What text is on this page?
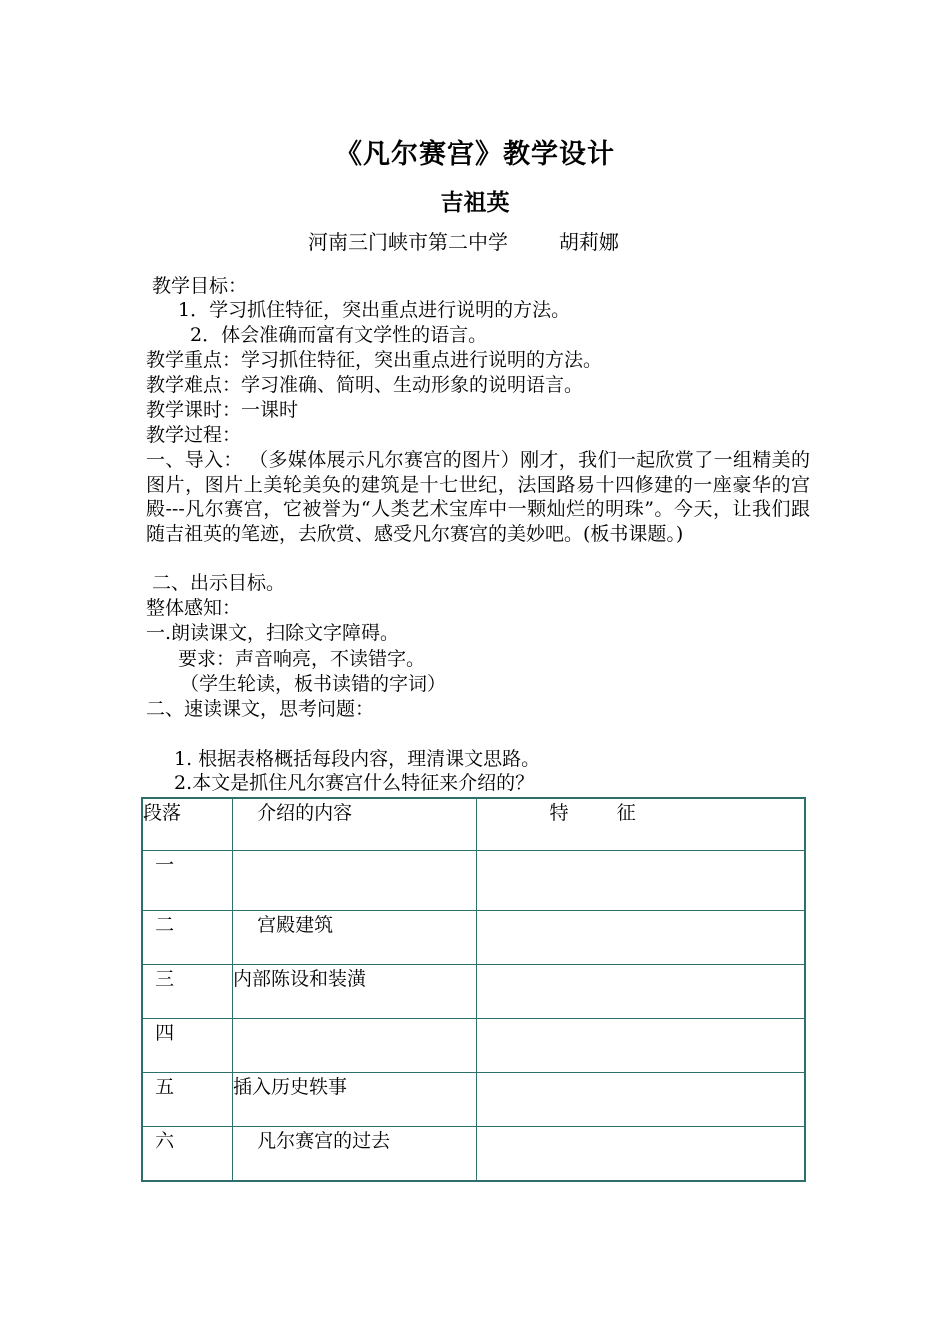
《凡尔赛宫》教学设计
吉祖英
河南三门峡市第二中学        胡莉娜
教学目标：
1．学习抓住特征，突出重点进行说明的方法。
2．体会准确而富有文学性的语言。
教学重点：学习抓住特征，突出重点进行说明的方法。
教学难点：学习准确、简明、生动形象的说明语言。
教学课时：一课时
教学过程：
一、导入： （多媒体展示凡尔赛宫的图片）刚才，我们一起欣赏了一组精美的图片，图片上美轮美奂的建筑是十七世纪，法国路易十四修建的一座豪华的宫殿---凡尔赛宫，它被誉为“人类艺术宝库中一颗灿烂的明珠”。今天，让我们跟随吉祖英的笔迹，去欣赏、感受凡尔赛宫的美妙吧。(板书课题。)
二、出示目标。
整体感知：
一.朗读课文，扫除文字障碍。
要求：声音响亮，不读错字。
（学生轮读，板书读错的字词）
二、速读课文，思考问题：
1. 根据表格概括每段内容，理清课文思路。
2.本文是抓住凡尔赛宫什么特征来介绍的？
段落	介绍的内容	特        征

一		

二	宫殿建筑	

三	内部陈设和装潢	

四		

五	插入历史轶事	

六	凡尔赛宫的过去	
